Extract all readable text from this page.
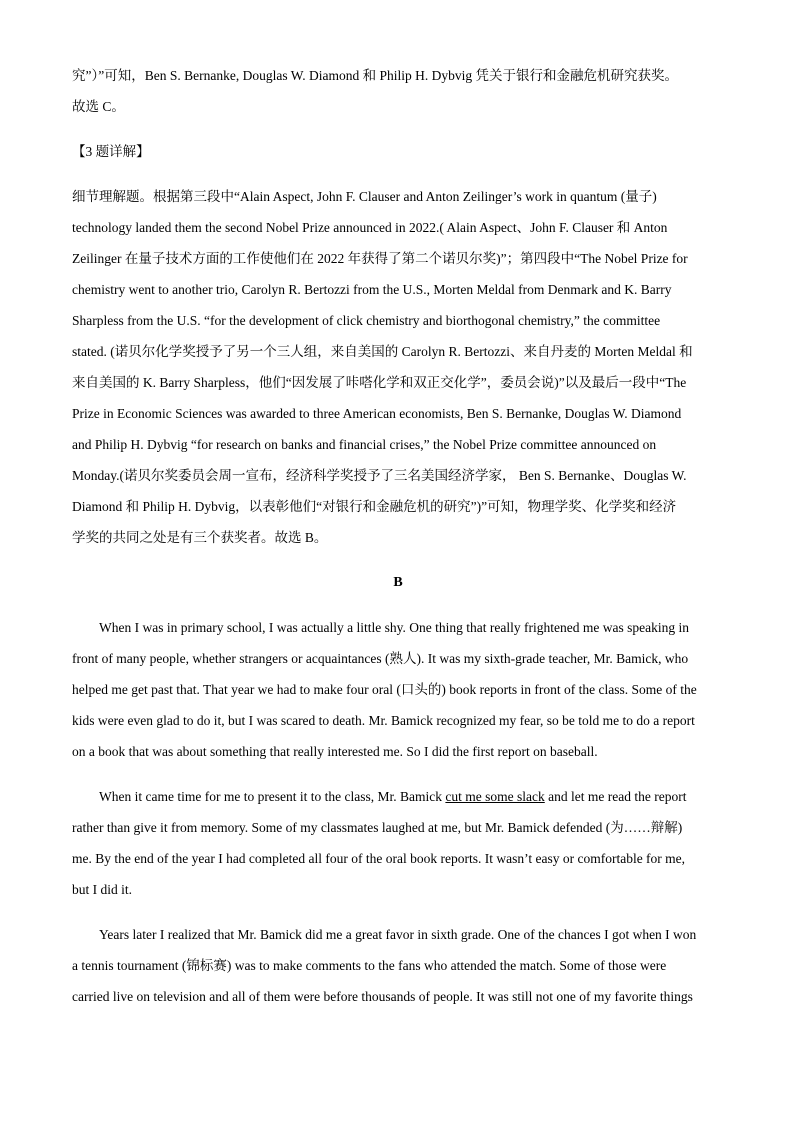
究”）”可知，Ben S. Bernanke, Douglas W. Diamond 和 Philip H. Dybvig 凭关于银行和金融危机研究获奖。
故选 C。

【3 题详解】

细节理解题。根据第三段中“Alain Aspect, John F. Clauser and Anton Zeilinger’s work in quantum (量子)
technology landed them the second Nobel Prize announced in 2022.( Alain Aspect、John F. Clauser 和 Anton
Zeilinger 在量子技术方面的工作使他们在 2022 年获得了第二个诺贝尔奖)”；第四段中“The Nobel Prize for
chemistry went to another trio, Carolyn R. Bertozzi from the U.S., Morten Meldal from Denmark and K. Barry
Sharpless from the U.S. “for the development of click chemistry and biorthogonal chemistry,” the committee
stated. (诺贝尔化学奖授予了另一个三人组，来自美国的 Carolyn R. Bertozzi、来自丹麦的 Morten Meldal 和
来自美国的 K. Barry Sharpless，他们“因发展了咔嗒化学和双正交化学”，委员会说)”以及最后一段中“The
Prize in Economic Sciences was awarded to three American economists, Ben S. Bernanke, Douglas W. Diamond
and Philip H. Dybvig “for research on banks and financial crises,” the Nobel Prize committee announced on
Monday.(诺贝尔奖委员会周一宣布，经济科学奖授予了三名美国经济学家， Ben S. Bernanke、Douglas W.
Diamond 和 Philip H. Dybvig，以表彰他们“对银行和金融危机的研究”)”可知，物理学奖、化学奖和经济
学奖的共同之处是有三个获奖者。故选 B。

B

When I was in primary school, I was actually a little shy. One thing that really frightened me was speaking in
front of many people, whether strangers or acquaintances (熟人). It was my sixth-grade teacher, Mr. Bamick, who
helped me get past that. That year we had to make four oral (口头的) book reports in front of the class. Some of the
kids were even glad to do it, but I was scared to death. Mr. Bamick recognized my fear, so be told me to do a report
on a book that was about something that really interested me. So I did the first report on baseball.
When it came time for me to present it to the class, Mr. Bamick cut me some slack and let me read the report
rather than give it from memory. Some of my classmates laughed at me, but Mr. Bamick defended (为……辩解)
me. By the end of the year I had completed all four of the oral book reports. It wasn’t easy or comfortable for me,
but I did it.
Years later I realized that Mr. Bamick did me a great favor in sixth grade. One of the chances I got when I won
a tennis tournament (锦标赛) was to make comments to the fans who attended the match. Some of those were
carried live on television and all of them were before thousands of people. It was still not one of my favorite things
